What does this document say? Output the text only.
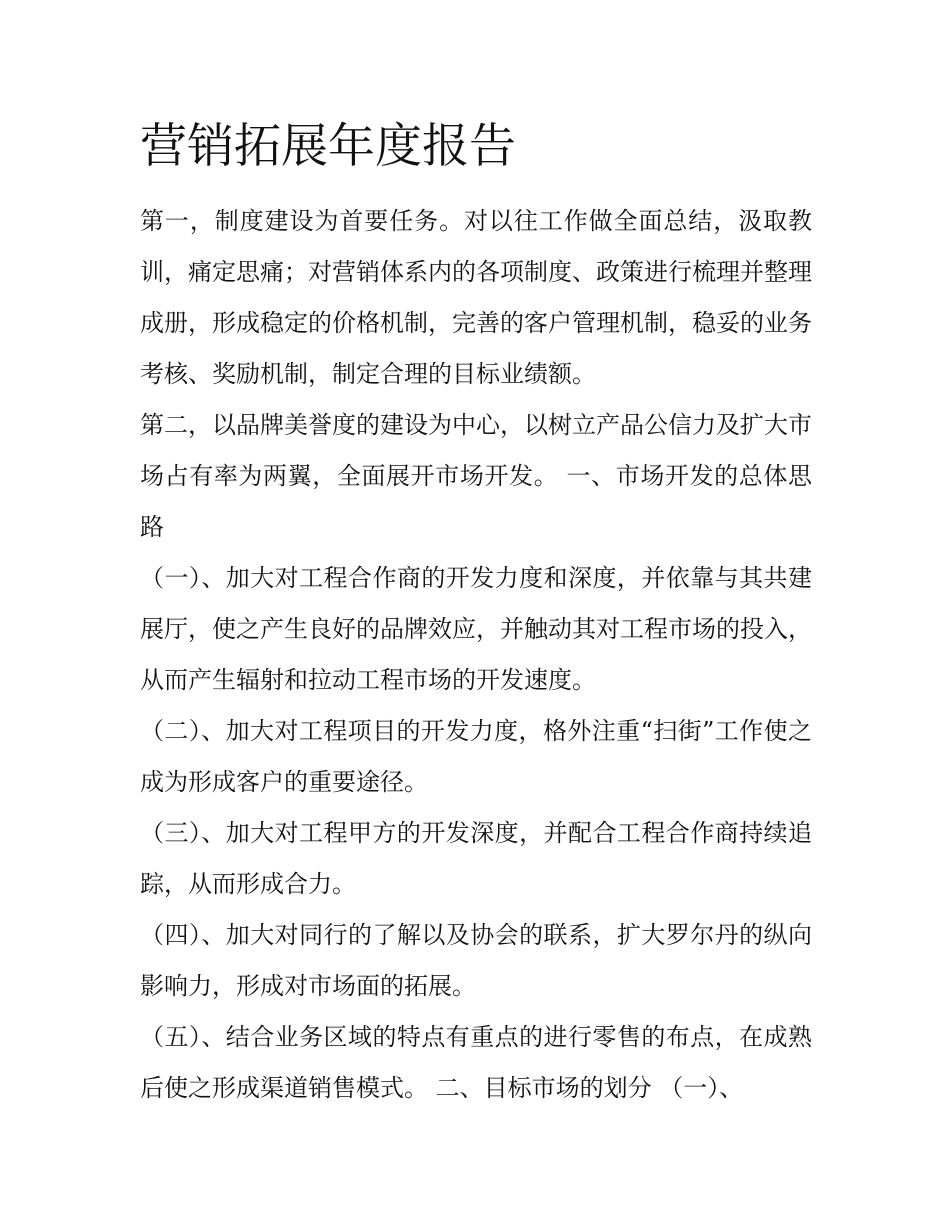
营销拓展年度报告

第一，制度建设为首要任务。对以往工作做全面总结，汲取教训，痛定思痛；对营销体系内的各项制度、政策进行梳理并整理成册，形成稳定的价格机制，完善的客户管理机制，稳妥的业务考核、奖励机制，制定合理的目标业绩额。

第二，以品牌美誉度的建设为中心，以树立产品公信力及扩大市场占有率为两翼，全面展开市场开发。 一、市场开发的总体思路

（一）、加大对工程合作商的开发力度和深度，并依靠与其共建展厅，使之产生良好的品牌效应，并触动其对工程市场的投入，从而产生辐射和拉动工程市场的开发速度。

（二）、加大对工程项目的开发力度，格外注重“扫街”工作使之成为形成客户的重要途径。

（三）、加大对工程甲方的开发深度，并配合工程合作商持续追踪，从而形成合力。

（四）、加大对同行的了解以及协会的联系，扩大罗尔丹的纵向影响力，形成对市场面的拓展。

（五）、结合业务区域的特点有重点的进行零售的布点，在成熟后使之形成渠道销售模式。 二、目标市场的划分 （一）、
